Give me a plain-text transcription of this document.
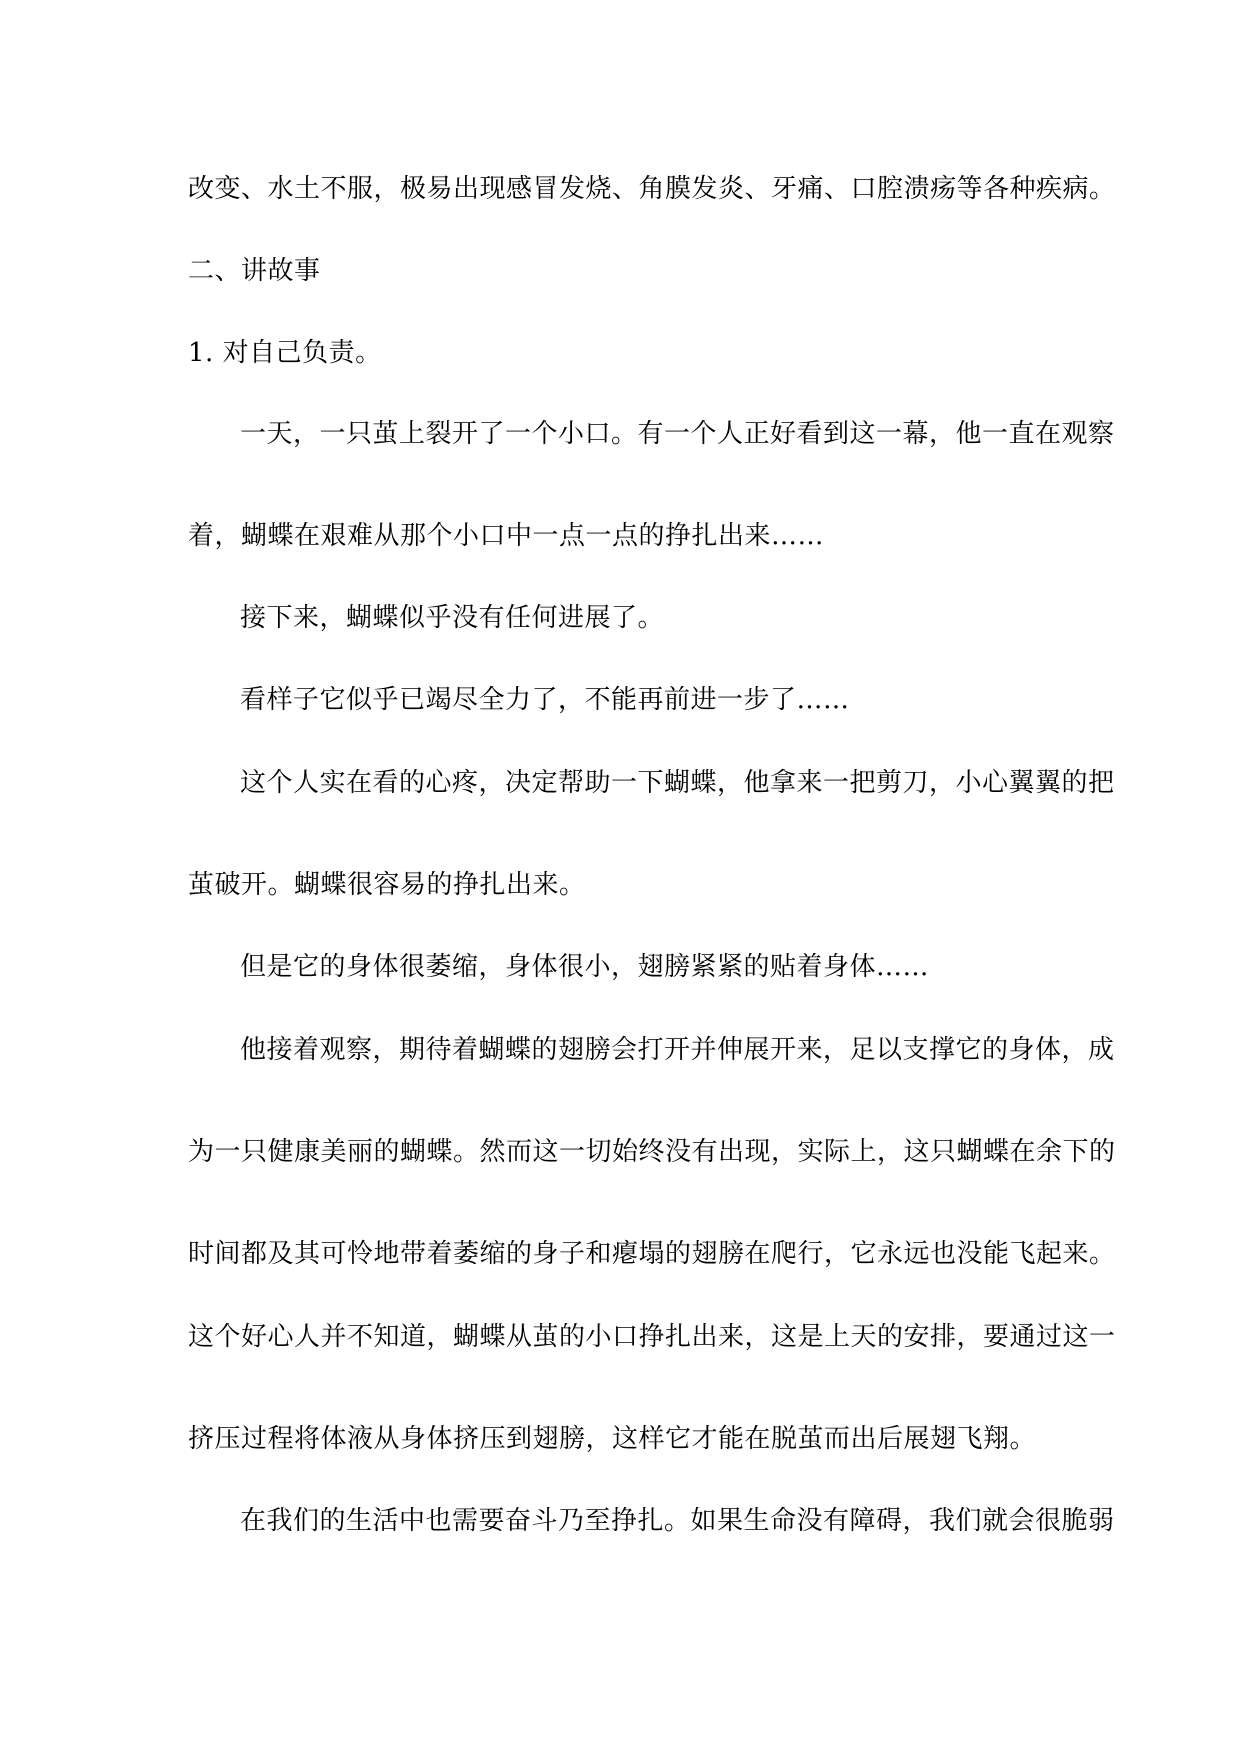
改变、水土不服，极易出现感冒发烧、角膜发炎、牙痛、口腔溃疡等各种疾病。
二、讲故事
1. 对自己负责。
一天，一只茧上裂开了一个小口。有一个人正好看到这一幕，他一直在观察
着，蝴蝶在艰难从那个小口中一点一点的挣扎出来……
接下来，蝴蝶似乎没有任何进展了。
看样子它似乎已竭尽全力了，不能再前进一步了……
这个人实在看的心疼，决定帮助一下蝴蝶，他拿来一把剪刀，小心翼翼的把
茧破开。蝴蝶很容易的挣扎出来。
但是它的身体很萎缩，身体很小，翅膀紧紧的贴着身体……
他接着观察，期待着蝴蝶的翅膀会打开并伸展开来，足以支撑它的身体，成
为一只健康美丽的蝴蝶。然而这一切始终没有出现，实际上，这只蝴蝶在余下的
时间都及其可怜地带着萎缩的身子和瘪塌的翅膀在爬行，它永远也没能飞起来。
这个好心人并不知道，蝴蝶从茧的小口挣扎出来，这是上天的安排，要通过这一
挤压过程将体液从身体挤压到翅膀，这样它才能在脱茧而出后展翅飞翔。
在我们的生活中也需要奋斗乃至挣扎。如果生命没有障碍，我们就会很脆弱
